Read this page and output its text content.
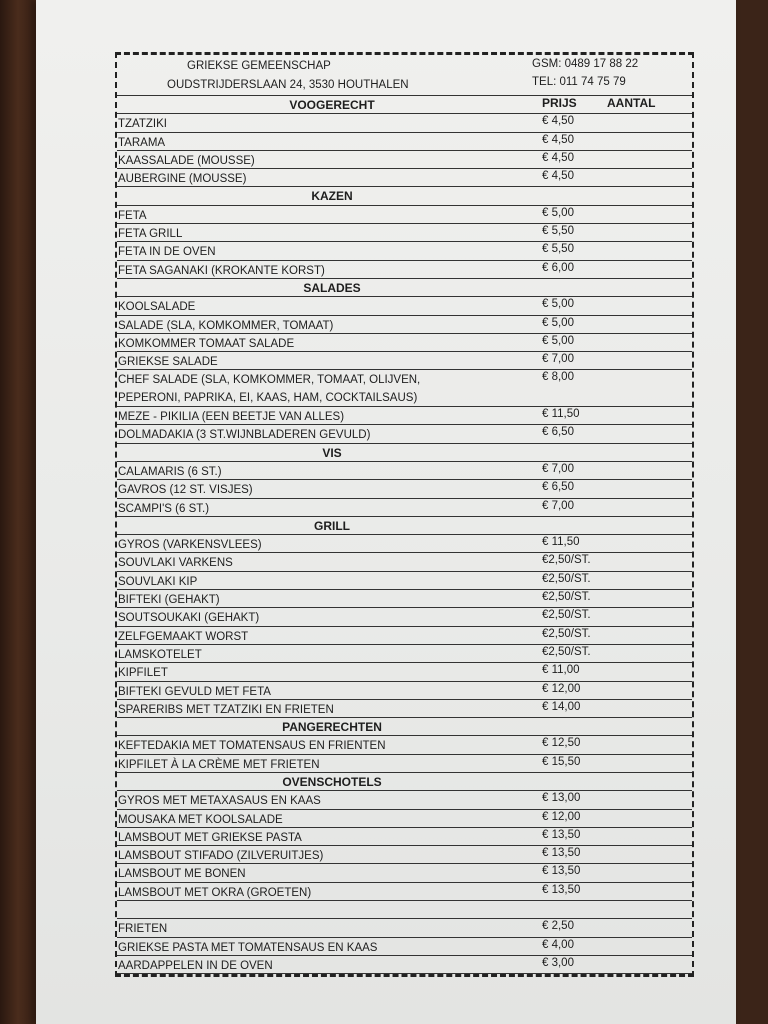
GRIEKSE GEMEENSCHAP
OUDSTRIJDERSLAAN 24, 3530 HOUTHALEN
GSM: 0489 17 88 22
TEL: 011 74 75 79
VOOGERECHT	PRIJS	AANTAL
TZATZIKI	€ 4,50
TARAMA	€ 4,50
KAASSALADE (MOUSSE)	€ 4,50
AUBERGINE (MOUSSE)	€ 4,50
KAZEN
FETA	€ 5,00
FETA GRILL	€ 5,50
FETA IN DE OVEN	€ 5,50
FETA SAGANAKI (KROKANTE KORST)	€ 6,00
SALADES
KOOLSALADE	€ 5,00
SALADE (SLA, KOMKOMMER, TOMAAT)	€ 5,00
KOMKOMMER TOMAAT SALADE	€ 5,00
GRIEKSE SALADE	€ 7,00
CHEF SALADE (SLA, KOMKOMMER, TOMAAT, OLIJVEN,
PEPERONI, PAPRIKA, EI, KAAS, HAM, COCKTAILSAUS)
€ 8,00
MEZE - PIKILIA (EEN BEETJE VAN ALLES)	€ 11,50
DOLMADAKIA (3 ST.WIJNBLADEREN GEVULD)	€ 6,50
VIS
CALAMARIS (6 ST.)	€ 7,00
GAVROS (12 ST. VISJES)	€ 6,50
SCAMPI'S (6 ST.)	€ 7,00
GRILL
GYROS (VARKENSVLEES)	€ 11,50
SOUVLAKI VARKENS	€2,50/ST.
SOUVLAKI KIP	€2,50/ST.
BIFTEKI (GEHAKT)	€2,50/ST.
SOUTSOUKAKI (GEHAKT)	€2,50/ST.
ZELFGEMAAKT WORST	€2,50/ST.
LAMSKOTELET	€2,50/ST.
KIPFILET	€ 11,00
BIFTEKI GEVULD MET FETA	€ 12,00
SPARERIBS MET TZATZIKI EN FRIETEN	€ 14,00
PANGERECHTEN
KEFTEDAKIA MET TOMATENSAUS EN FRIENTEN	€ 12,50
KIPFILET À LA CRÈME MET FRIETEN	€ 15,50
OVENSCHOTELS
GYROS MET METAXASAUS EN KAAS	€ 13,00
MOUSAKA MET KOOLSALADE	€ 12,00
LAMSBOUT MET GRIEKSE PASTA	€ 13,50
LAMSBOUT STIFADO (ZILVERUITJES)	€ 13,50
LAMSBOUT ME BONEN	€ 13,50
LAMSBOUT MET OKRA (GROETEN)	€ 13,50
FRIETEN	€ 2,50
GRIEKSE PASTA MET TOMATENSAUS EN KAAS	€ 4,00
AARDAPPELEN IN DE OVEN	€ 3,00
